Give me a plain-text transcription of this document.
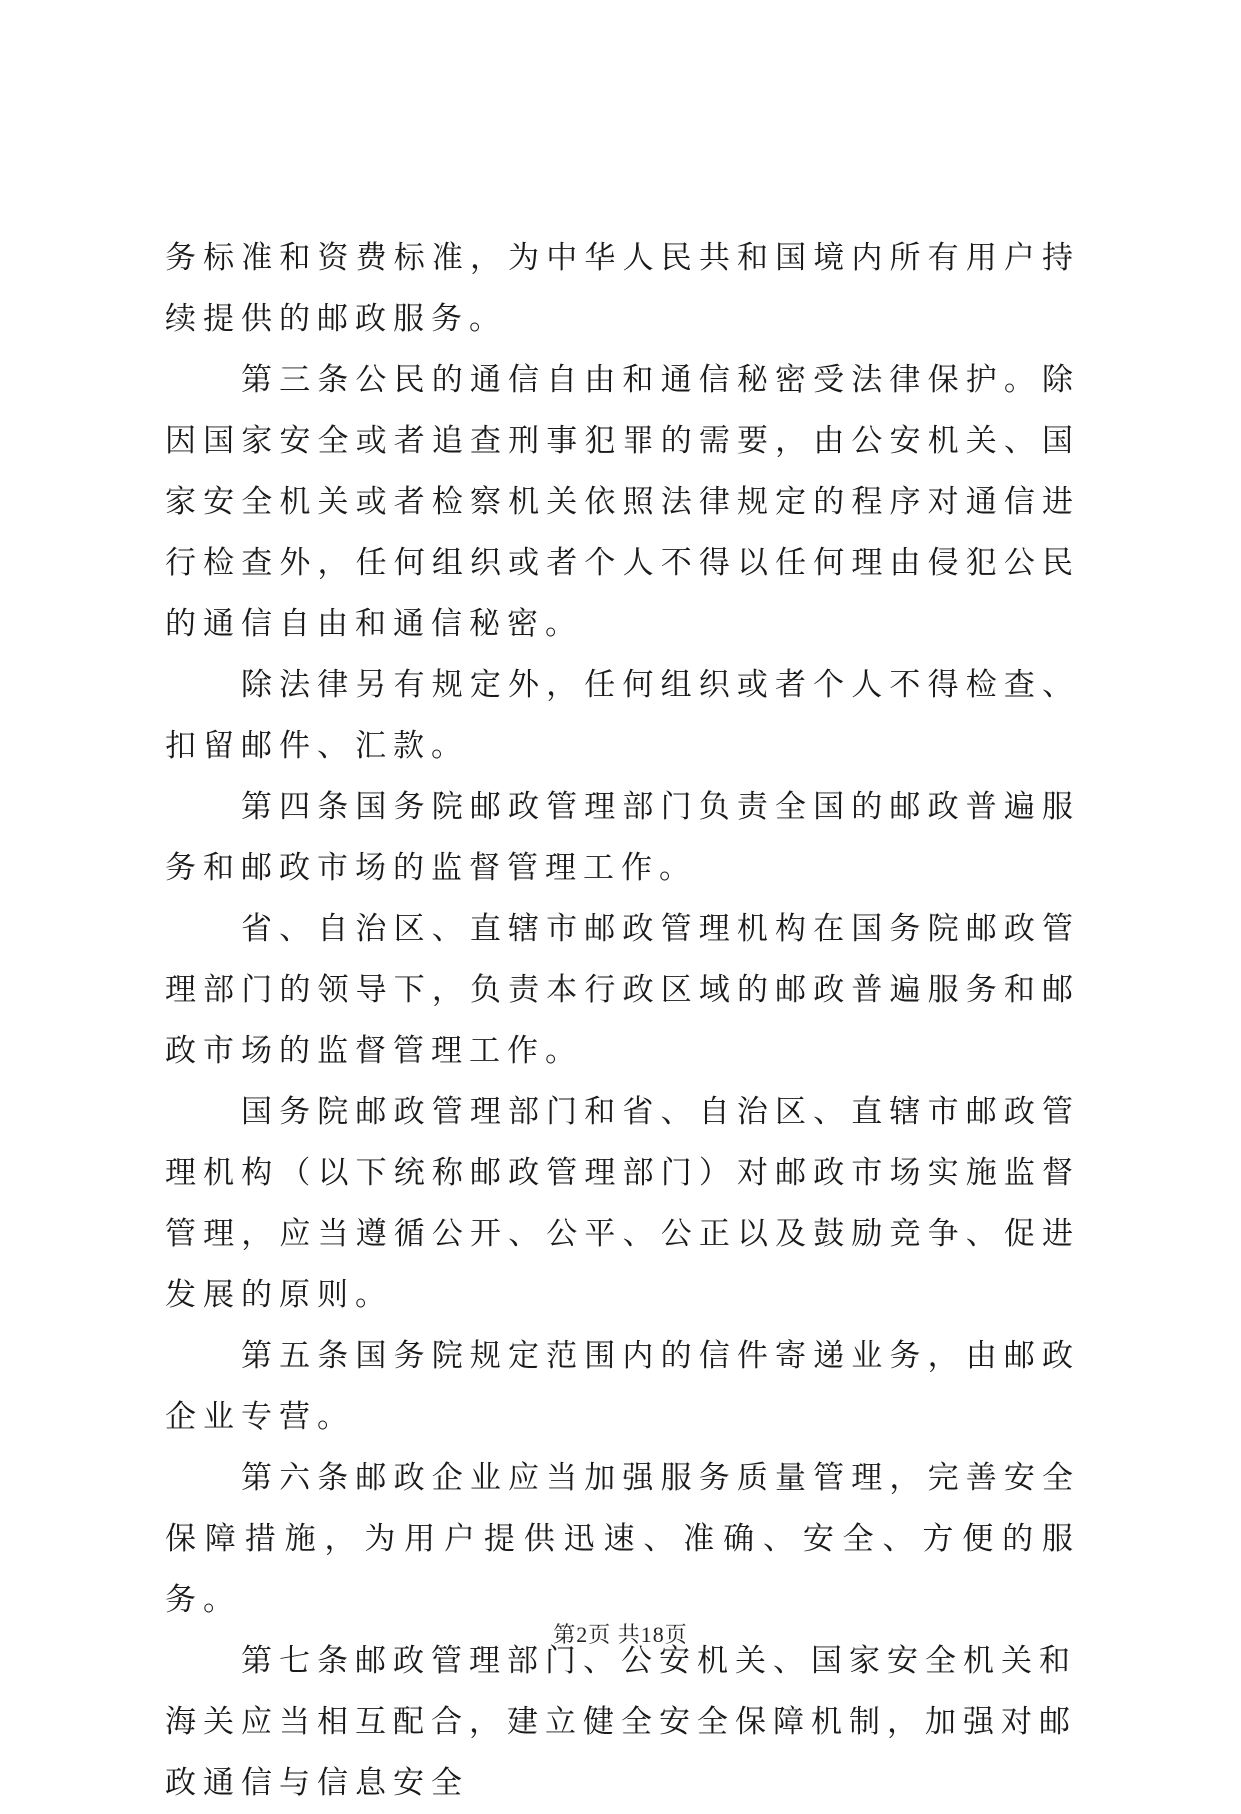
务标准和资费标准，为中华人民共和国境内所有用户持续提供的邮政服务。

第三条公民的通信自由和通信秘密受法律保护。除因国家安全或者追查刑事犯罪的需要，由公安机关、国家安全机关或者检察机关依照法律规定的程序对通信进行检查外，任何组织或者个人不得以任何理由侵犯公民的通信自由和通信秘密。

除法律另有规定外，任何组织或者个人不得检查、扣留邮件、汇款。

第四条国务院邮政管理部门负责全国的邮政普遍服务和邮政市场的监督管理工作。

省、自治区、直辖市邮政管理机构在国务院邮政管理部门的领导下，负责本行政区域的邮政普遍服务和邮政市场的监督管理工作。

国务院邮政管理部门和省、自治区、直辖市邮政管理机构（以下统称邮政管理部门）对邮政市场实施监督管理，应当遵循公开、公平、公正以及鼓励竞争、促进发展的原则。

第五条国务院规定范围内的信件寄递业务，由邮政企业专营。

第六条邮政企业应当加强服务质量管理，完善安全保障措施，为用户提供迅速、准确、安全、方便的服务。

第七条邮政管理部门、公安机关、国家安全机关和海关应当相互配合，建立健全安全保障机制，加强对邮政通信与信息安全

第2页 共18页
